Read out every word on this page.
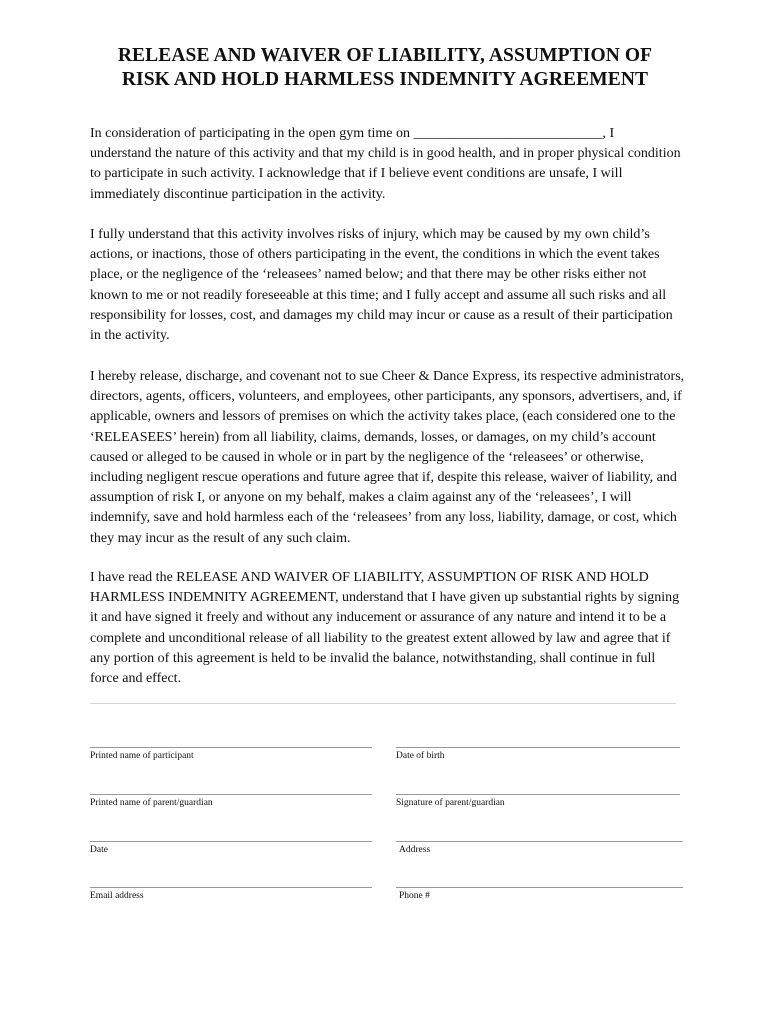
RELEASE AND WAIVER OF LIABILITY, ASSUMPTION OF
RISK AND HOLD HARMLESS INDEMNITY AGREEMENT

In consideration of participating in the open gym time on ___________________________, I
understand the nature of this activity and that my child is in good health, and in proper physical condition
to participate in such activity. I acknowledge that if I believe event conditions are unsafe, I will
immediately discontinue participation in the activity.

I fully understand that this activity involves risks of injury, which may be caused by my own child’s
actions, or inactions, those of others participating in the event, the conditions in which the event takes
place, or the negligence of the ‘releasees’ named below; and that there may be other risks either not
known to me or not readily foreseeable at this time; and I fully accept and assume all such risks and all
responsibility for losses, cost, and damages my child may incur or cause as a result of their participation
in the activity.

I hereby release, discharge, and covenant not to sue Cheer & Dance Express, its respective administrators,
directors, agents, officers, volunteers, and employees, other participants, any sponsors, advertisers, and, if
applicable, owners and lessors of premises on which the activity takes place, (each considered one to the
‘RELEASEES’ herein) from all liability, claims, demands, losses, or damages, on my child’s account
caused or alleged to be caused in whole or in part by the negligence of the ‘releasees’ or otherwise,
including negligent rescue operations and future agree that if, despite this release, waiver of liability, and
assumption of risk I, or anyone on my behalf, makes a claim against any of the ‘releasees’, I will
indemnify, save and hold harmless each of the ‘releasees’ from any loss, liability, damage, or cost, which
they may incur as the result of any such claim.

I have read the RELEASE AND WAIVER OF LIABILITY, ASSUMPTION OF RISK AND HOLD
HARMLESS INDEMNITY AGREEMENT, understand that I have given up substantial rights by signing
it and have signed it freely and without any inducement or assurance of any nature and intend it to be a
complete and unconditional release of all liability to the greatest extent allowed by law and agree that if
any portion of this agreement is held to be invalid the balance, notwithstanding, shall continue in full
force and effect.

Printed name of participant	Date of birth
Printed name of parent/guardian	Signature of parent/guardian
Date	Address
Email address	Phone #
